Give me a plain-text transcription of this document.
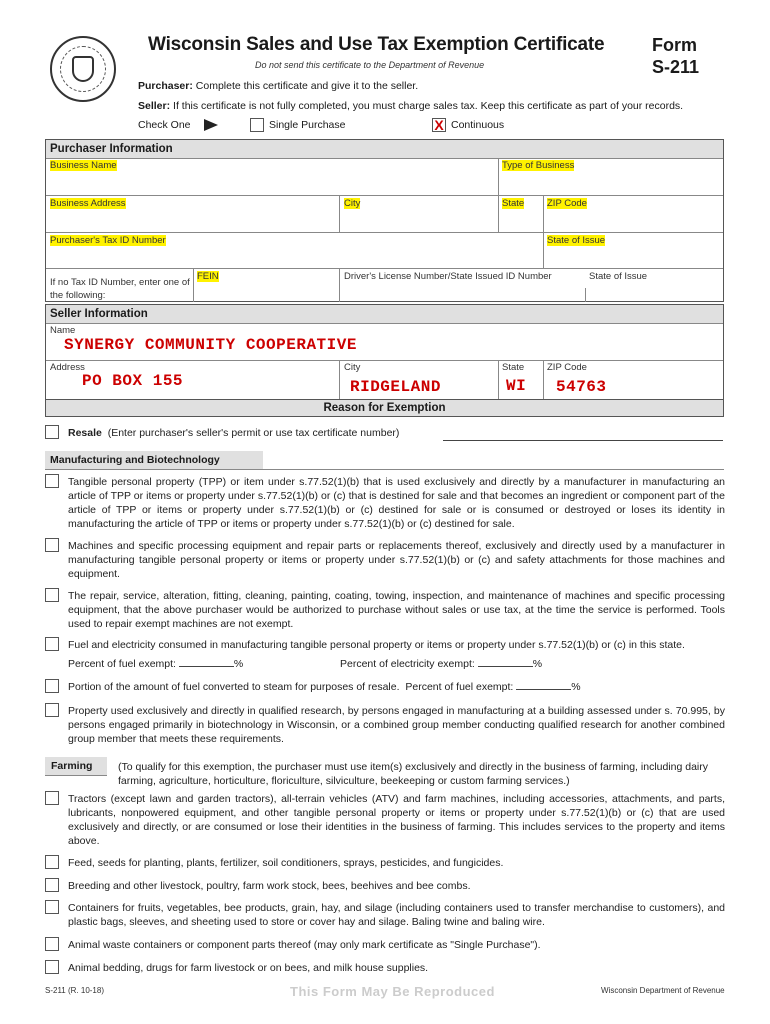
Wisconsin Sales and Use Tax Exemption Certificate
Do not send this certificate to the Department of Revenue
Form
S-211
Purchaser: Complete this certificate and give it to the seller.
Seller: If this certificate is not fully completed, you must charge sales tax. Keep this certificate as part of your records.
Check One	Single Purchase	X Continuous
Purchaser Information
Business Name	Type of Business
Business Address	City	State ZIP Code
Purchaser's Tax ID Number	State of Issue
If no Tax ID Number, enter one of the following:
FEIN	Driver's License Number/State Issued ID Number	State of Issue
Seller Information
Name
SYNERGY COMMUNITY COOPERATIVE
Address
PO BOX 155
City
RIDGELAND
State
WI
ZIP Code
54763
Reason for Exemption
Resale (Enter purchaser's seller's permit or use tax certificate number)
Manufacturing and Biotechnology
Tangible personal property (TPP) or item under s.77.52(1)(b) that is used exclusively and directly by a manufacturer in manufacturing an article of TPP or items or property under s.77.52(1)(b) or (c) that is destined for sale and that becomes an ingredient or component part of the article of TPP or items or property under s.77.52(1)(b) or (c) destined for sale or is consumed or destroyed or loses its identity in manufacturing the article of TPP or items or property under s.77.52(1)(b) or (c) destined for sale.
Machines and specific processing equipment and repair parts or replacements thereof, exclusively and directly used by a manufacturer in manufacturing tangible personal property or items or property under s.77.52(1)(b) or (c) and safety attachments for those machines and equipment.
The repair, service, alteration, fitting, cleaning, painting, coating, towing, inspection, and maintenance of machines and specific processing equipment, that the above purchaser would be authorized to purchase without sales or use tax, at the time the service is performed. Tools used to repair exempt machines are not exempt.
Fuel and electricity consumed in manufacturing tangible personal property or items or property under s.77.52(1)(b) or (c) in this state.
Percent of fuel exempt:	%	Percent of electricity exempt:	%
Portion of the amount of fuel converted to steam for purposes of resale. Percent of fuel exempt:	%
Property used exclusively and directly in qualified research, by persons engaged in manufacturing at a building assessed under s. 70.995, by persons engaged primarily in biotechnology in Wisconsin, or a combined group member conducting qualified research for another combined group member that meets these requirements.
Farming	(To qualify for this exemption, the purchaser must use item(s) exclusively and directly in the business of farming, including dairy farming, agriculture, horticulture, floriculture, silviculture, beekeeping or custom farming services.)
Tractors (except lawn and garden tractors), all-terrain vehicles (ATV) and farm machines, including accessories, attachments, and parts, lubricants, nonpowered equipment, and other tangible personal property or items or property under s.77.52(1)(b) or (c) that are used exclusively and directly, or are consumed or lose their identities in the business of farming. This includes services to the property and items above.
Feed, seeds for planting, plants, fertilizer, soil conditioners, sprays, pesticides, and fungicides.
Breeding and other livestock, poultry, farm work stock, bees, beehives and bee combs.
Containers for fruits, vegetables, bee products, grain, hay, and silage (including containers used to transfer merchandise to customers), and plastic bags, sleeves, and sheeting used to store or cover hay and silage. Baling twine and baling wire.
Animal waste containers or component parts thereof (may only mark certificate as "Single Purchase").
Animal bedding, drugs for farm livestock or on bees, and milk house supplies.
S-211 (R. 10-18)	This Form May Be Reproduced	Wisconsin Department of Revenue
